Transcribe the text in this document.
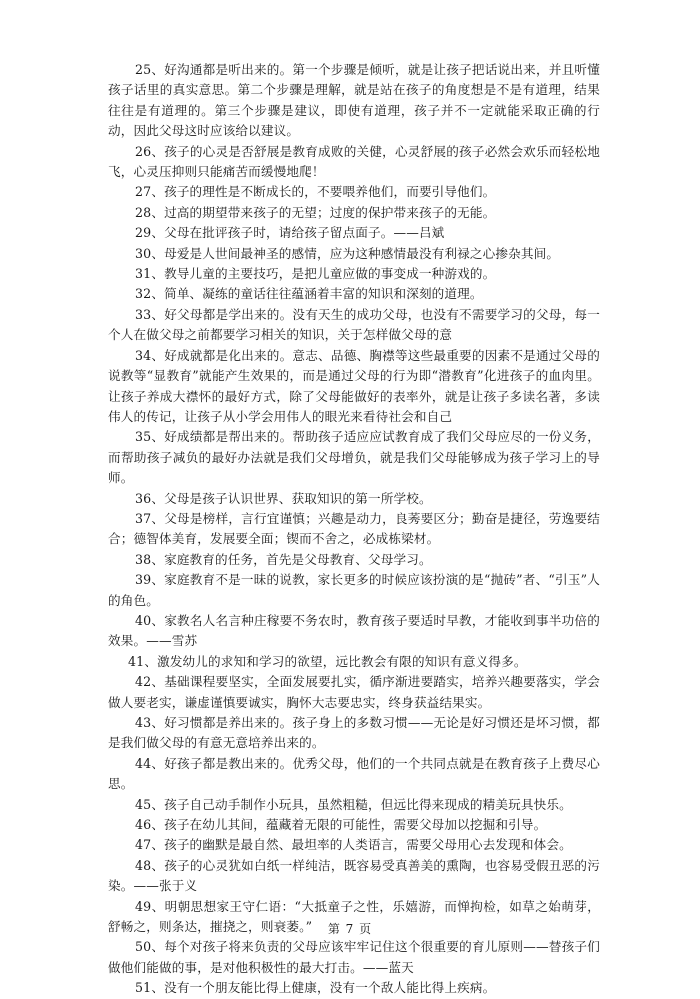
25、好沟通都是听出来的。第一个步骤是倾听，就是让孩子把话说出来，并且听懂孩子话里的真实意思。第二个步骤是理解，就是站在孩子的角度想是不是有道理，结果往往是有道理的。第三个步骤是建议，即使有道理，孩子并不一定就能采取正确的行动，因此父母这时应该给以建议。

26、孩子的心灵是否舒展是教育成败的关健，心灵舒展的孩子必然会欢乐而轻松地飞，心灵压抑则只能痛苦而缓慢地爬！

27、孩子的理性是不断成长的，不要喂养他们，而要引导他们。

28、过高的期望带来孩子的无望；过度的保护带来孩子的无能。

29、父母在批评孩子时，请给孩子留点面子。——吕斌

30、母爱是人世间最神圣的感情，应为这种感情最没有利禄之心掺杂其间。

31、教导儿童的主要技巧，是把儿童应做的事变成一种游戏的。

32、简单、凝练的童话往往蕴涵着丰富的知识和深刻的道理。

33、好父母都是学出来的。没有天生的成功父母，也没有不需要学习的父母，每一个人在做父母之前都要学习相关的知识，关于怎样做父母的意

34、好成就都是化出来的。意志、品德、胸襟等这些最重要的因素不是通过父母的说教等“显教育”就能产生效果的，而是通过父母的行为即“潜教育”化进孩子的血肉里。让孩子养成大襟怀的最好方式，除了父母能做好的表率外，就是让孩子多读名著，多读伟人的传记，让孩子从小学会用伟人的眼光来看待社会和自己

35、好成绩都是帮出来的。帮助孩子适应应试教育成了我们父母应尽的一份义务，而帮助孩子减负的最好办法就是我们父母增负，就是我们父母能够成为孩子学习上的导师。

36、父母是孩子认识世界、获取知识的第一所学校。

37、父母是榜样，言行宜谨慎；兴趣是动力，良莠要区分；勤奋是捷径，劳逸要结合；德智体美育，发展要全面；锲而不舍之，必成栋梁材。

38、家庭教育的任务，首先是父母教育、父母学习。

39、家庭教育不是一昧的说教，家长更多的时候应该扮演的是“抛砖”者、“引玉”人的角色。

40、家教名人名言种庄稼要不务农时，教育孩子要适时早教，才能收到事半功倍的效果。——雪苏

41、激发幼儿的求知和学习的欲望，远比教会有限的知识有意义得多。

42、基础课程要坚实，全面发展要扎实，循序渐进要踏实，培养兴趣要落实，学会做人要老实，谦虚谨慎要诚实，胸怀大志要忠实，终身获益结果实。

43、好习惯都是养出来的。孩子身上的多数习惯——无论是好习惯还是坏习惯，都是我们做父母的有意无意培养出来的。

44、好孩子都是教出来的。优秀父母，他们的一个共同点就是在教育孩子上费尽心思。

45、孩子自己动手制作小玩具，虽然粗糙，但远比得来现成的精美玩具快乐。

46、孩子在幼儿其间，蕴藏着无限的可能性，需要父母加以挖掘和引导。

47、孩子的幽默是最自然、最坦率的人类语言，需要父母用心去发现和体会。

48、孩子的心灵犹如白纸一样纯洁，既容易受真善美的熏陶，也容易受假丑恶的污染。——张于义

49、明朝思想家王守仁语：“大抵童子之性，乐嬉游，而惮拘检，如草之始萌芽，舒畅之，则条达，摧挠之，则衰萎。”

50、每个对孩子将来负责的父母应该牢牢记住这个很重要的育儿原则——替孩子们做他们能做的事，是对他积极性的最大打击。——蓝天

51、没有一个朋友能比得上健康，没有一个敌人能比得上疾病。

第 7 页
